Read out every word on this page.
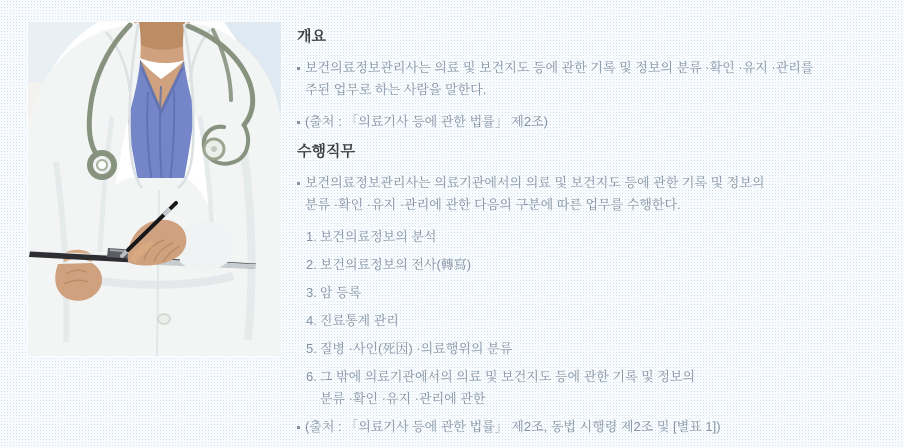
개요
보건의료정보관리사는 의료 및 보건지도 등에 관한 기록 및 정보의 분류 ·확인 ·유지 ·관리를
주된 업무로 하는 사람을 말한다.
(출처 : 「의료기사 등에 관한 법률」 제2조)
수행직무
보건의료정보관리사는 의료기관에서의 의료 및 보건지도 등에 관한 기록 및 정보의
분류 ·확인 ·유지 ·관리에 관한 다음의 구분에 따른 업무를 수행한다.
1. 보건의료정보의 분석
2. 보건의료정보의 전사(轉寫)
3. 암 등록
4. 진료통계 관리
5. 질병 ·사인(死因) ·의료행위의 분류
6. 그 밖에 의료기관에서의 의료 및 보건지도 등에 관한 기록 및 정보의
분류 ·확인 ·유지 ·관리에 관한
(출처 : 「의료기사 등에 관한 법률」 제2조, 동법 시행령 제2조 및 [별표 1])
